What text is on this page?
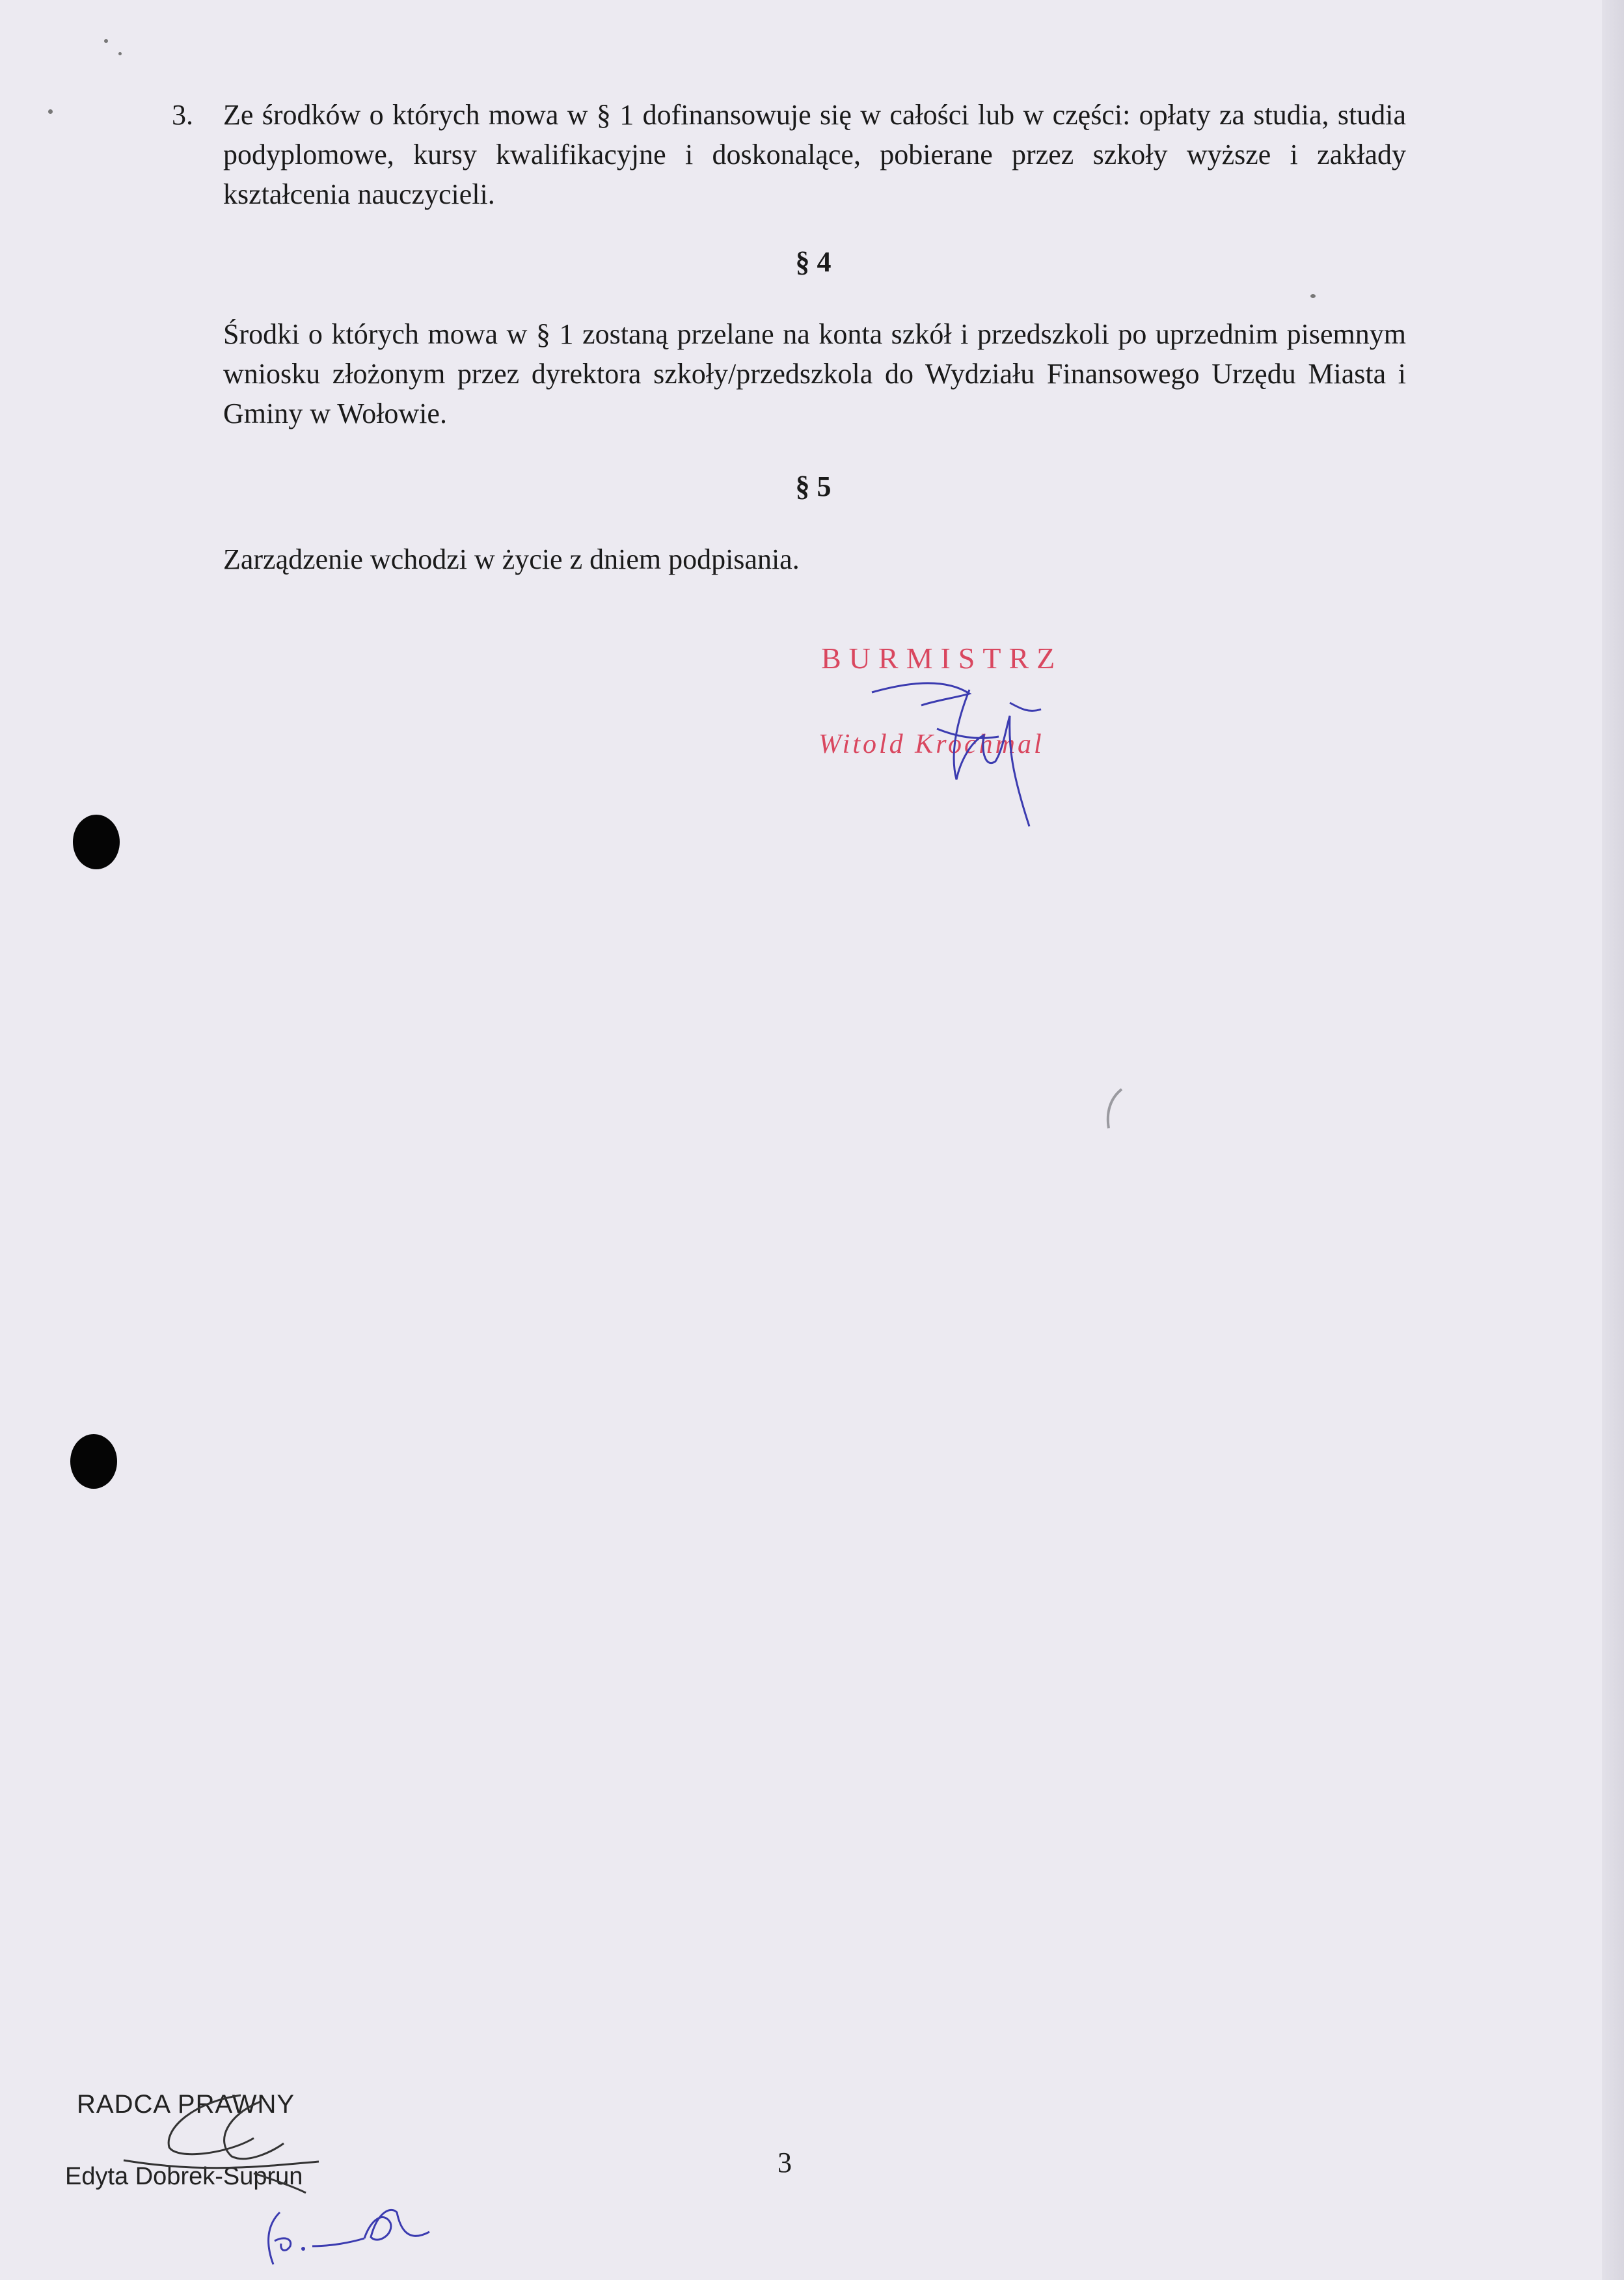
3. Ze środków o których mowa w § 1 dofinansowuje się w całości lub w części: opłaty za studia, studia podyplomowe, kursy kwalifikacyjne i doskonalące, pobierane przez szkoły wyższe i zakłady kształcenia nauczycieli.

§ 4

Środki o których mowa w § 1 zostaną przelane na konta szkół i przedszkoli po uprzednim pisemnym wniosku złożonym przez dyrektora szkoły/przedszkola do Wydziału Finansowego Urzędu Miasta i Gminy w Wołowie.

§ 5

Zarządzenie wchodzi w życie z dniem podpisania.

BURMISTRZ
Witold Krochmal
RADCA PRAWNY
Edyta Dobrek-Suprun	3
